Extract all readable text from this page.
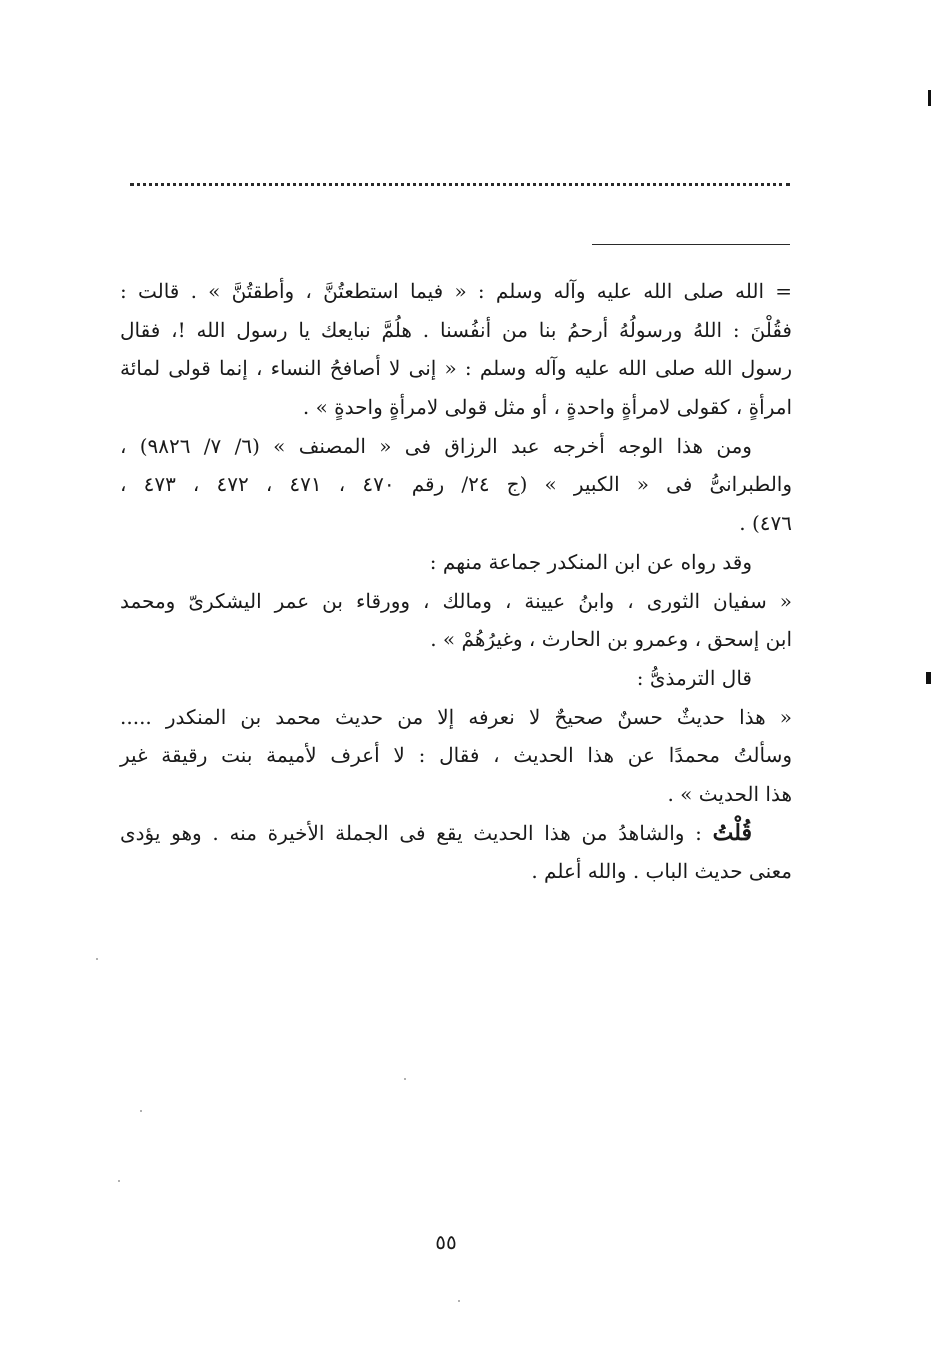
= الله صلى الله عليه وآله وسلم : « فيما استطعتُنَّ ، وأطقتُنَّ » . قالت :
فقُلْنَ : اللهُ ورسولُهُ أرحمُ بنا من أنفُسنا . هلُمَّ نبايعك يا رسول الله !، فقال
رسول الله صلى الله عليه وآله وسلم : « إنى لا أصافحُ النساء ، إنما قولى لمائة
امرأةٍ ، كقولى لامرأةٍ واحدةٍ ، أو مثل قولى لامرأةٍ واحدةٍ » .
ومن هذا الوجه أخرجه عبد الرزاق فى « المصنف » (٦/ ٧/ ٩٨٢٦) ،
والطبرانىُّ فى « الكبير » (ج ٢٤/ رقم ٤٧٠ ، ٤٧١ ، ٤٧٢ ، ٤٧٣ ،
٤٧٦) .
وقد رواه عن ابن المنكدر جماعة منهم :
« سفيان الثورى ، وابنُ عيينة ، ومالك ، وورقاء بن عمر اليشكرىّ ومحمد
ابن إسحق ، وعمرو بن الحارث ، وغيرُهُمْ » .
قال الترمذىُّ :
« هذا حديثٌ حسنٌ صحيحٌ لا نعرفه إلا من حديث محمد بن المنكدر .....
وسألتُ محمدًا عن هذا الحديث ، فقال : لا أعرف لأميمة بنت رقيقة غير
هذا الحديث » .
قُلْتُ : والشاهدُ من هذا الحديث يقع فى الجملة الأخيرة منه . وهو يؤدى
معنى حديث الباب . والله أعلم .
٥٥
